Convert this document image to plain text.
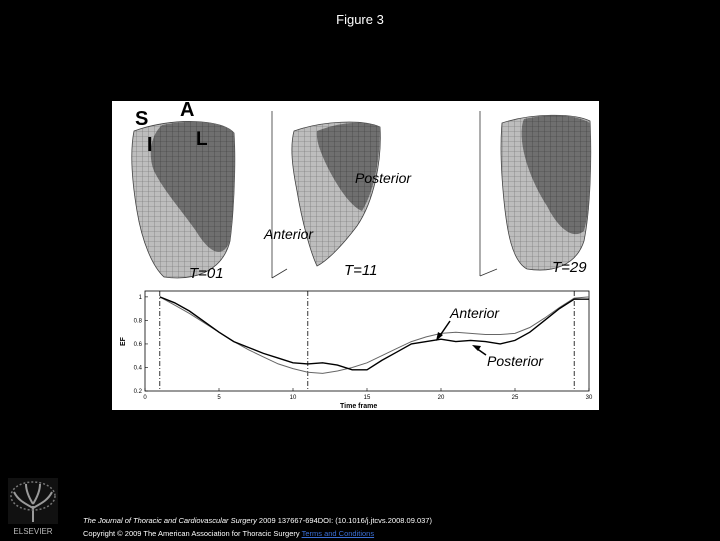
Figure 3
S A
I L
T=01	T=11	T=29
Posterior
Anterior
0	5	10	15	20	25	30
0.2
0.4
0.6
0.8
1
EF
Time frame
Anterior
Posterior
ELSEVIER
The Journal of Thoracic and Cardiovascular Surgery 2009 137667-694DOI: (10.1016/j.jtcvs.2008.09.037)
Copyright © 2009 The American Association for Thoracic Surgery Terms and Conditions
